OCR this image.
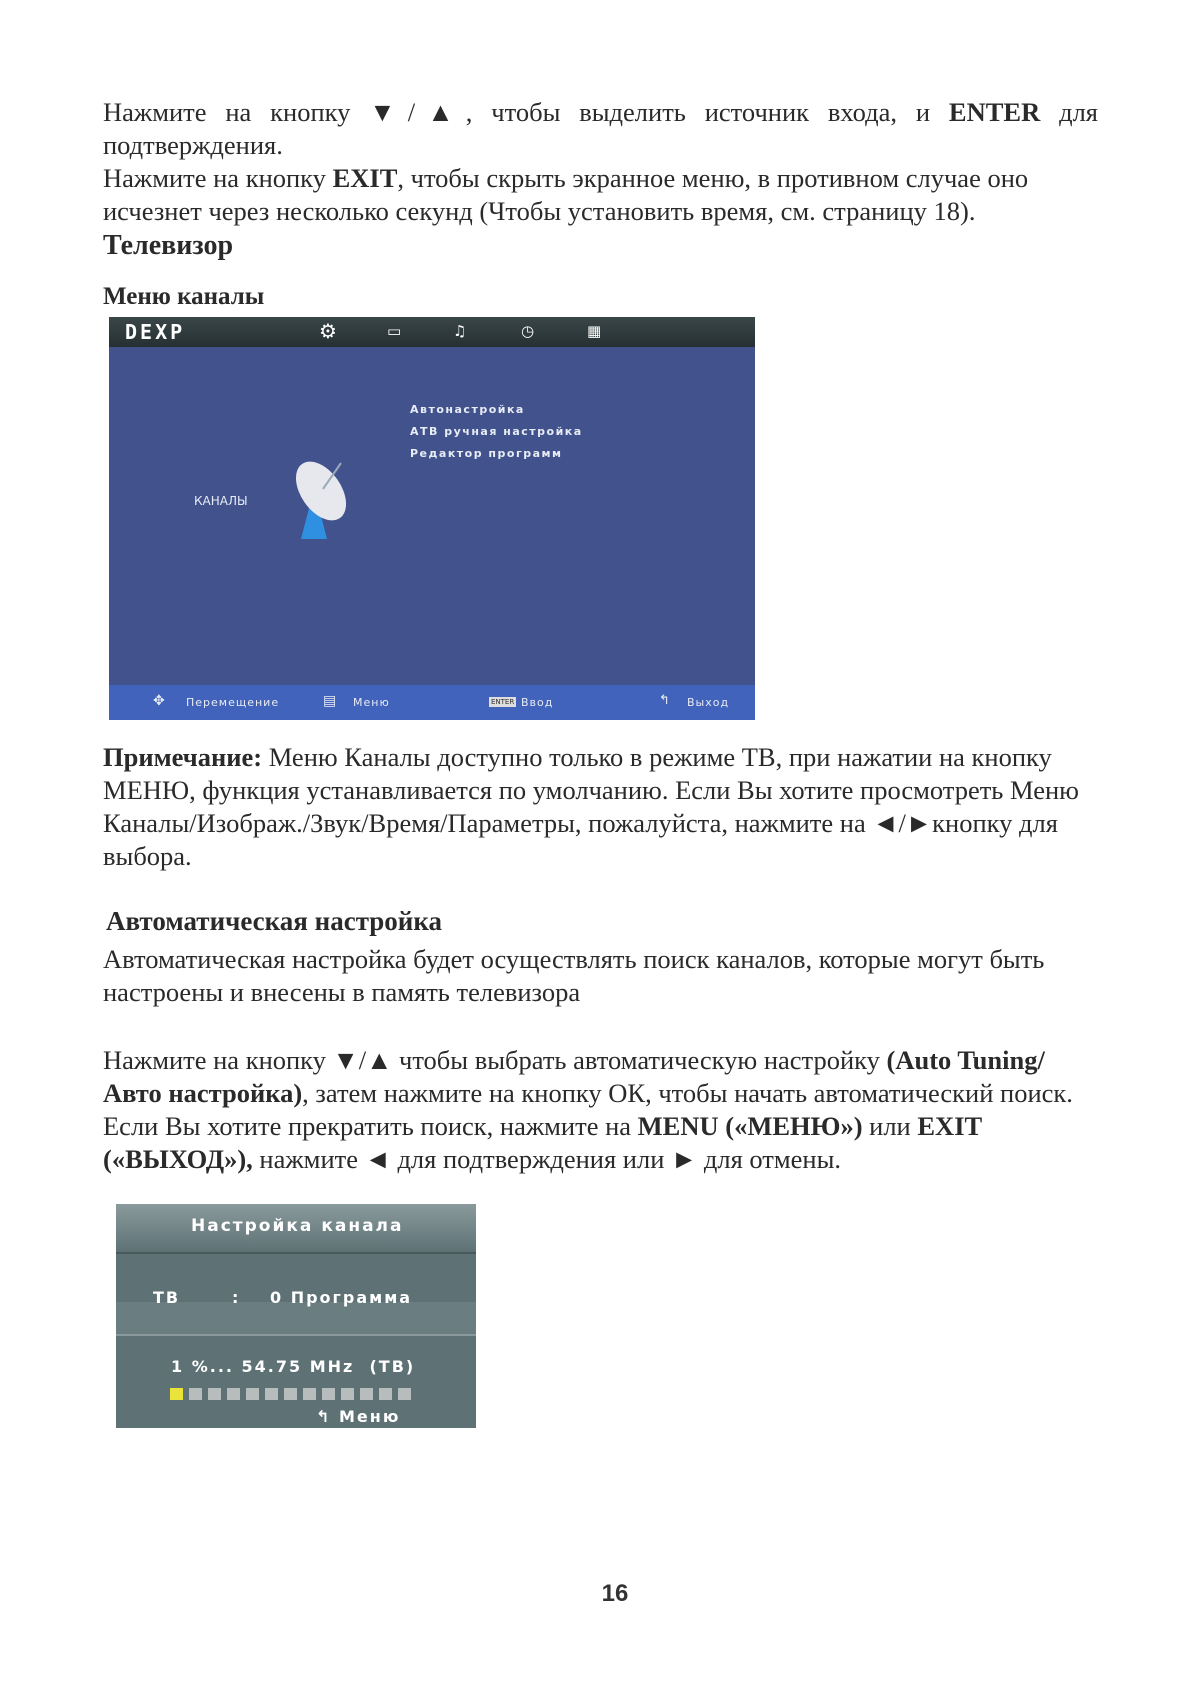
Нажмите на кнопку ▼/▲, чтобы выделить источник входа, и ENTER для подтверждения.
Нажмите на кнопку EXIT, чтобы скрыть экранное меню, в противном случае оно исчезнет через несколько секунд (Чтобы установить время, см. страницу 18).
Телевизор
Меню каналы
DEXP	⚙	▭	♫	◷	▦
КАНАЛЫ
Автонастройка
АТВ ручная настройка
Редактор программ
✥ Перемещение	▤ Меню	ENTER Ввод	↰ Выход
Примечание: Меню Каналы доступно только в режиме ТВ, при нажатии на кнопку МЕНЮ, функция устанавливается по умолчанию. Если Вы хотите просмотреть Меню Каналы/Изображ./Звук/Время/Параметры, пожалуйста, нажмите на ◄/►кнопку для выбора.
Автоматическая настройка
Автоматическая настройка будет осуществлять поиск каналов, которые могут быть настроены и внесены в память телевизора
Нажмите на кнопку ▼/▲ чтобы выбрать автоматическую настройку (Auto Tuning/ Авто настройка), затем нажмите на кнопку ОК, чтобы начать автоматический поиск. Если Вы хотите прекратить поиск, нажмите на MENU («МЕНЮ») или EXIT («ВЫХОД»), нажмите ◄ для подтверждения или ► для отмены.
Настройка канала
ТВ	: 0 Программа
1 %... 54.75 MHz  (ТВ)
↰ Меню
16
